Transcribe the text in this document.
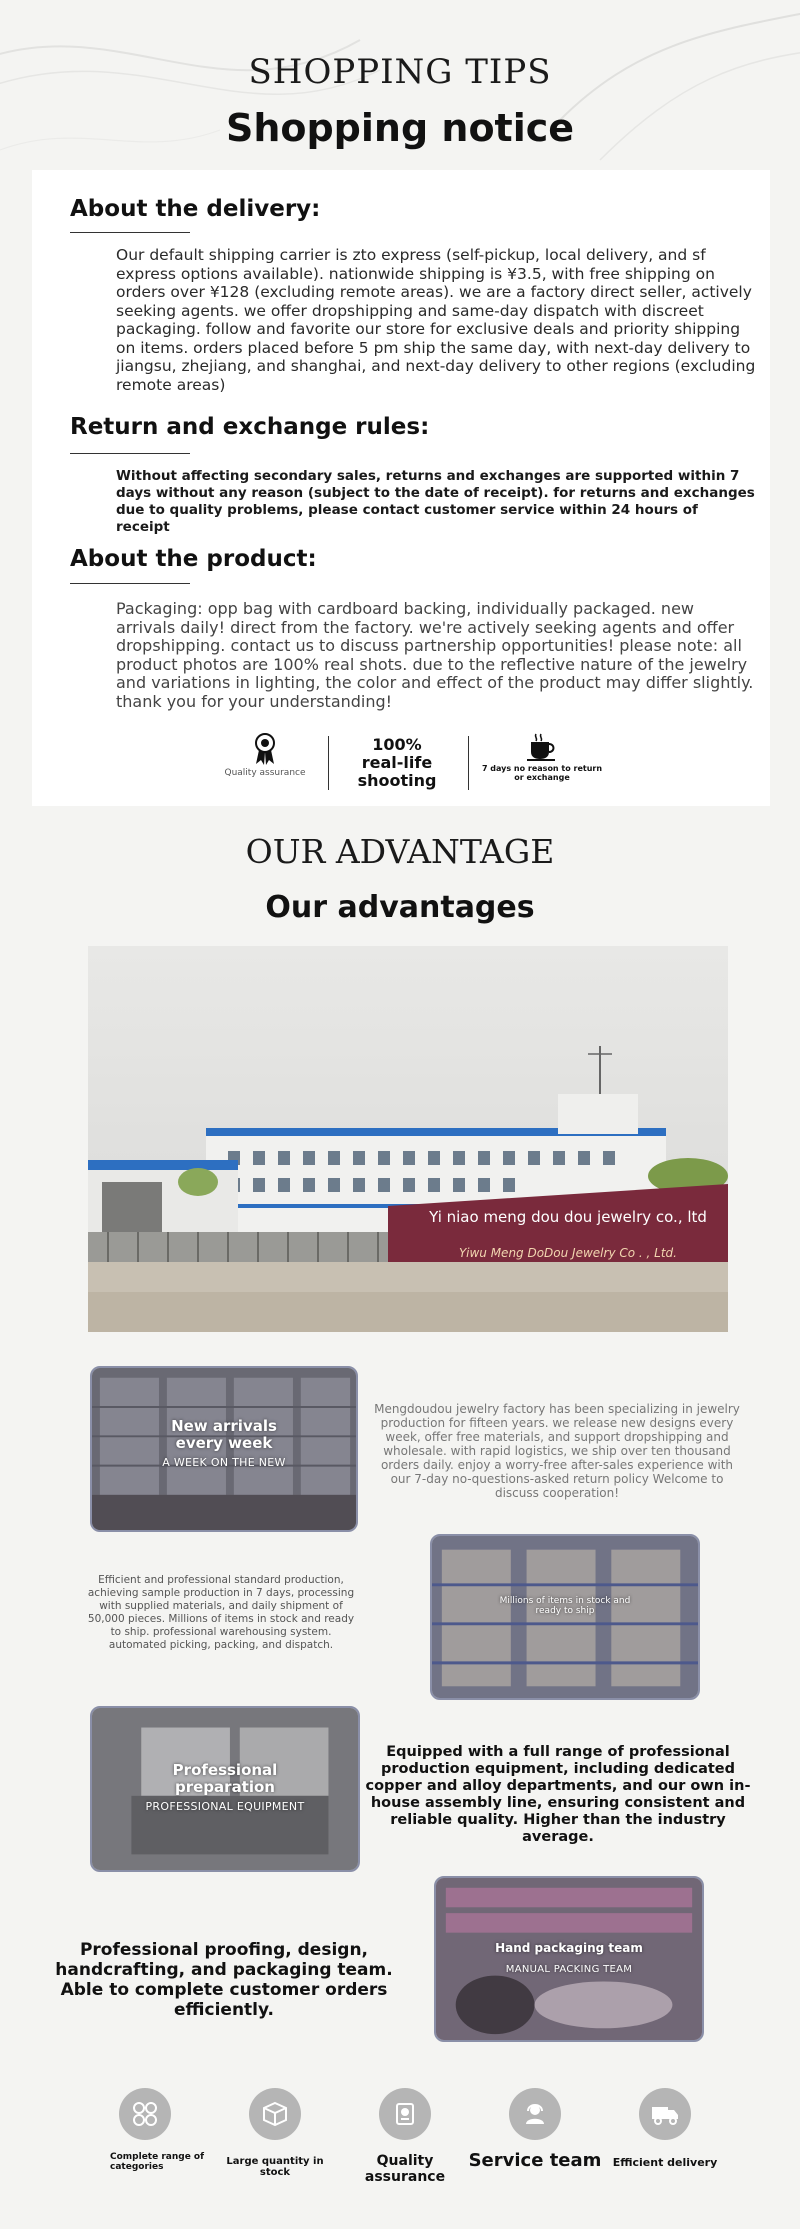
SHOPPING TIPS
Shopping notice
About the delivery:
Our default shipping carrier is zto express (self-pickup, local delivery, and sf express options available). nationwide shipping is ¥3.5, with free shipping on orders over ¥128 (excluding remote areas). we are a factory direct seller, actively seeking agents. we offer dropshipping and same-day dispatch with discreet packaging. follow and favorite our store for exclusive deals and priority shipping on items. orders placed before 5 pm ship the same day, with next-day delivery to jiangsu, zhejiang, and shanghai, and next-day delivery to other regions (excluding remote areas)
Return and exchange rules:
Without affecting secondary sales, returns and exchanges are supported within 7 days without any reason (subject to the date of receipt). for returns and exchanges due to quality problems, please contact customer service within 24 hours of receipt
About the product:
Packaging: opp bag with cardboard backing, individually packaged. new arrivals daily! direct from the factory. we're actively seeking agents and offer dropshipping. contact us to discuss partnership opportunities! please note: all product photos are 100% real shots. due to the reflective nature of the jewelry and variations in lighting, the color and effect of the product may differ slightly. thank you for your understanding!
Quality assurance
100%
real-life
shooting
7 days no reason to return
or exchange
OUR ADVANTAGE
Our advantages
Yi niao meng dou dou jewelry co., ltd
Yiwu Meng DoDou Jewelry Co . , Ltd.
New arrivals
every week
A WEEK ON THE NEW
Mengdoudou jewelry factory has been specializing in jewelry production for fifteen years. we release new designs every week, offer free materials, and support dropshipping and wholesale. with rapid logistics, we ship over ten thousand orders daily. enjoy a worry-free after-sales experience with our 7-day no-questions-asked return policy Welcome to discuss cooperation!
Efficient and professional standard production, achieving sample production in 7 days, processing with supplied materials, and daily shipment of 50,000 pieces. Millions of items in stock and ready to ship. professional warehousing system. automated picking, packing, and dispatch.
Millions of items in stock and
ready to ship
Professional
preparation
PROFESSIONAL EQUIPMENT
Equipped with a full range of professional production equipment, including dedicated copper and alloy departments, and our own in-house assembly line, ensuring consistent and reliable quality. Higher than the industry average.
Professional proofing, design, handcrafting, and packaging team. Able to complete customer orders efficiently.
Hand packaging team
MANUAL PACKING TEAM
Complete range of
categories	Large quantity in stock
Quality assurance
Service team	Efficient delivery
